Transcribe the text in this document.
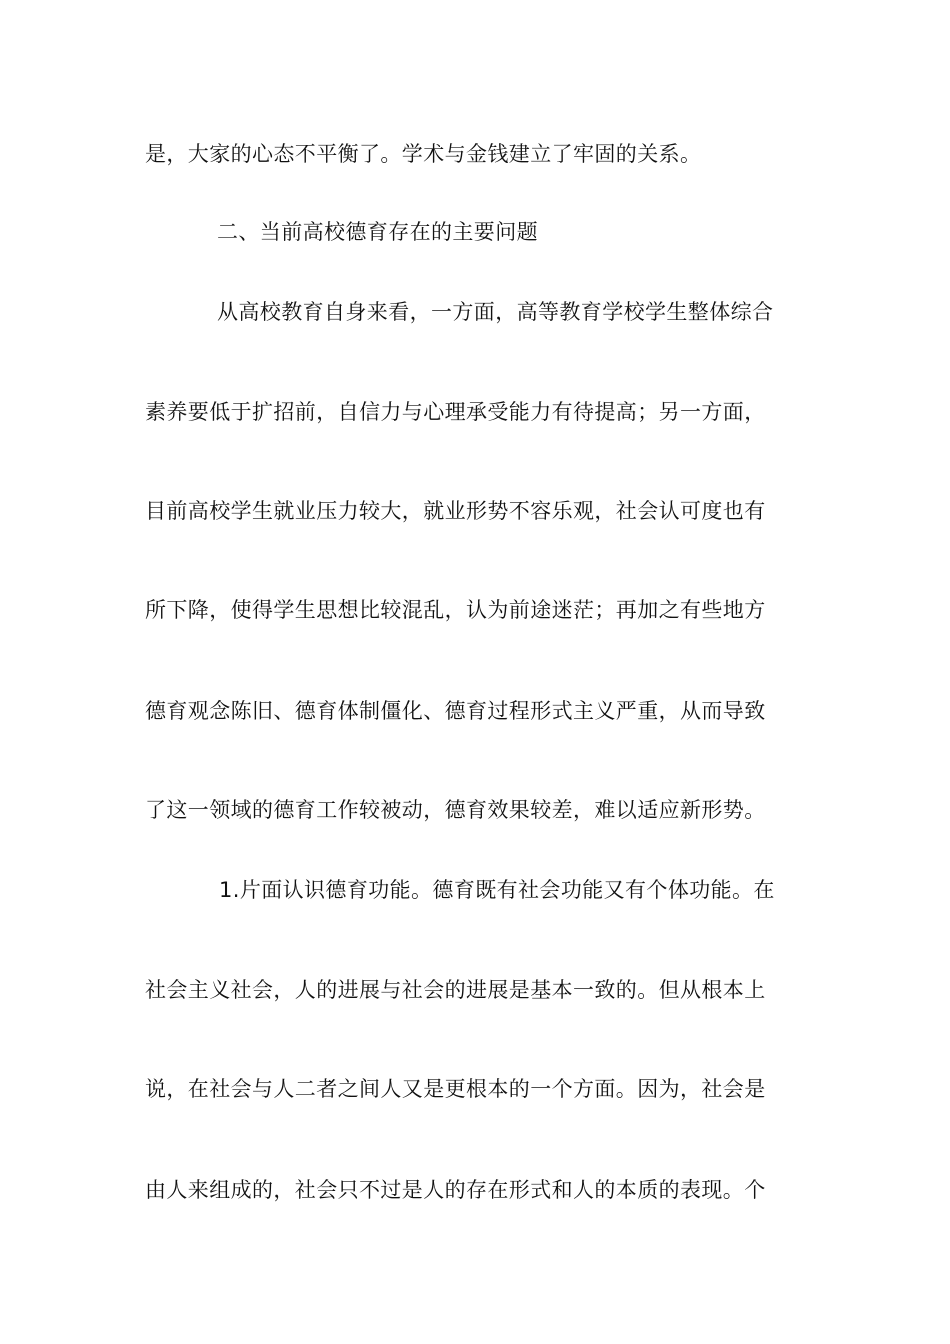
是，大家的心态不平衡了。学术与金钱建立了牢固的关系。
二、当前高校德育存在的主要问题
从高校教育自身来看，一方面，高等教育学校学生整体综合
素养要低于扩招前，自信力与心理承受能力有待提高；另一方面，
目前高校学生就业压力较大，就业形势不容乐观，社会认可度也有
所下降，使得学生思想比较混乱，认为前途迷茫；再加之有些地方
德育观念陈旧、德育体制僵化、德育过程形式主义严重，从而导致
了这一领域的德育工作较被动，德育效果较差，难以适应新形势。
1.片面认识德育功能。德育既有社会功能又有个体功能。在
社会主义社会，人的进展与社会的进展是基本一致的。但从根本上
说，在社会与人二者之间人又是更根本的一个方面。因为，社会是
由人来组成的，社会只不过是人的存在形式和人的本质的表现。个
